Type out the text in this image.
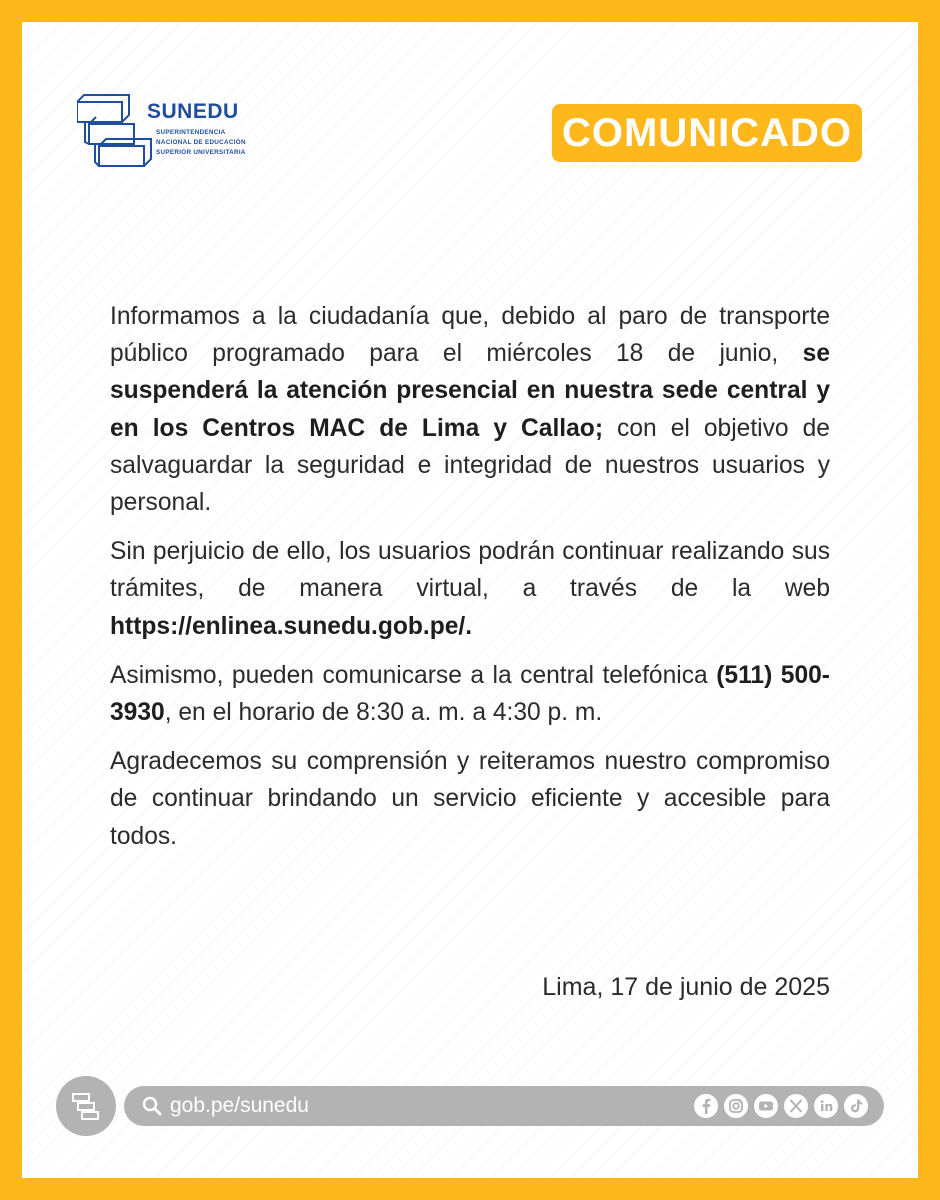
SUNEDU
SUPERINTENDENCIA
NACIONAL DE EDUCACIÓN
SUPERIOR UNIVERSITARIA	COMUNICADO

Informamos a la ciudadanía que, debido al paro de transporte público programado para el miércoles 18 de junio, se suspenderá la atención presencial en nuestra sede central y en los Centros MAC de Lima y Callao; con el objetivo de salvaguardar la seguridad e integridad de nuestros usuarios y personal.

Sin perjuicio de ello, los usuarios podrán continuar realizando sus trámites, de manera virtual, a través de la web https://enlinea.sunedu.gob.pe/.

Asimismo, pueden comunicarse a la central telefónica (511) 500-3930, en el horario de 8:30 a. m. a 4:30 p. m.

Agradecemos su comprensión y reiteramos nuestro compromiso de continuar brindando un servicio eficiente y accesible para todos.

Lima, 17 de junio de 2025
gob.pe/sunedu
